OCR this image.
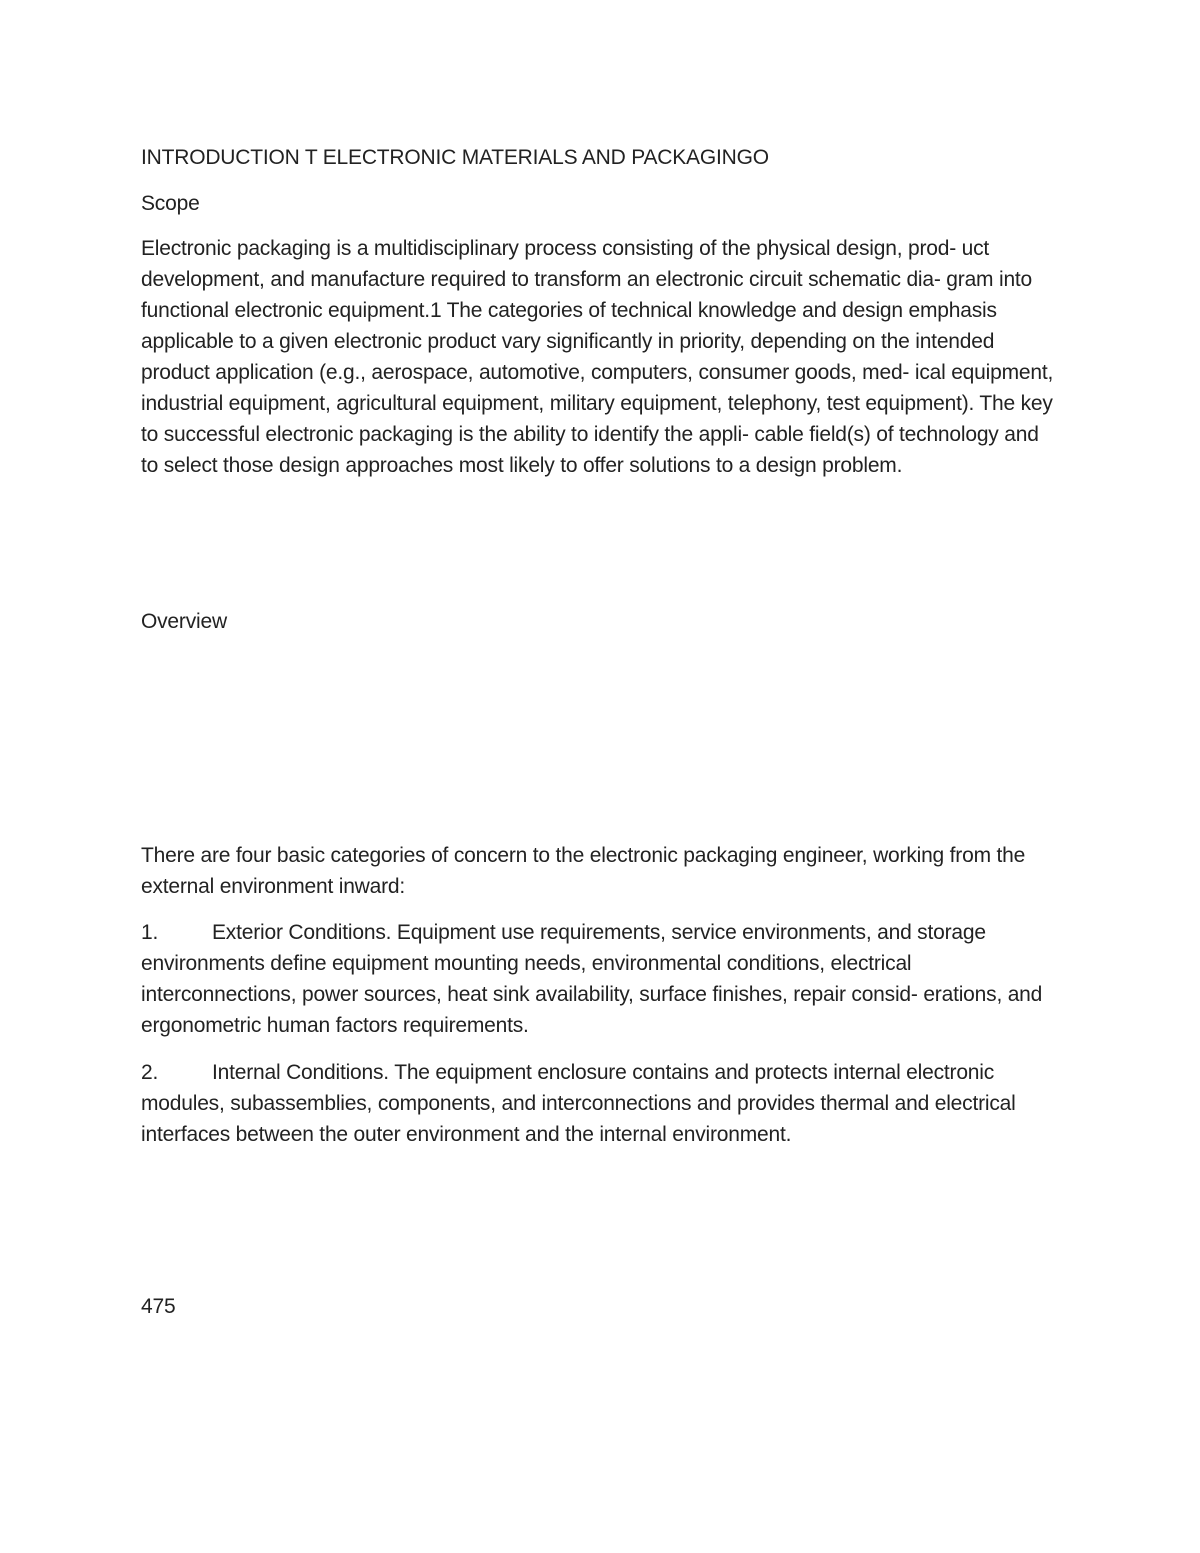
INTRODUCTION T ELECTRONIC MATERIALS AND PACKAGINGO

Scope

Electronic packaging is a multidisciplinary process consisting of the physical design, prod- uct development, and manufacture required to transform an electronic circuit schematic dia- gram into functional electronic equipment.1 The categories of technical knowledge and design emphasis applicable to a given electronic product vary significantly in priority, depending on the intended product application (e.g., aerospace, automotive, computers, consumer goods, med- ical equipment, industrial equipment, agricultural equipment, military equipment, telephony, test equipment). The key to successful electronic packaging is the ability to identify the appli- cable field(s) of technology and to select those design approaches most likely to offer solutions to a design problem.

Overview

There are four basic categories of concern to the electronic packaging engineer, working from the external environment inward:

1.	Exterior Conditions. Equipment use requirements, service environments, and storage environments define equipment mounting needs, environmental conditions, electrical interconnections, power sources, heat sink availability, surface finishes, repair consid- erations, and ergonometric human factors requirements.

2.	Internal Conditions. The equipment enclosure contains and protects internal electronic modules, subassemblies, components, and interconnections and provides thermal and electrical interfaces between the outer environment and the internal environment.

475
